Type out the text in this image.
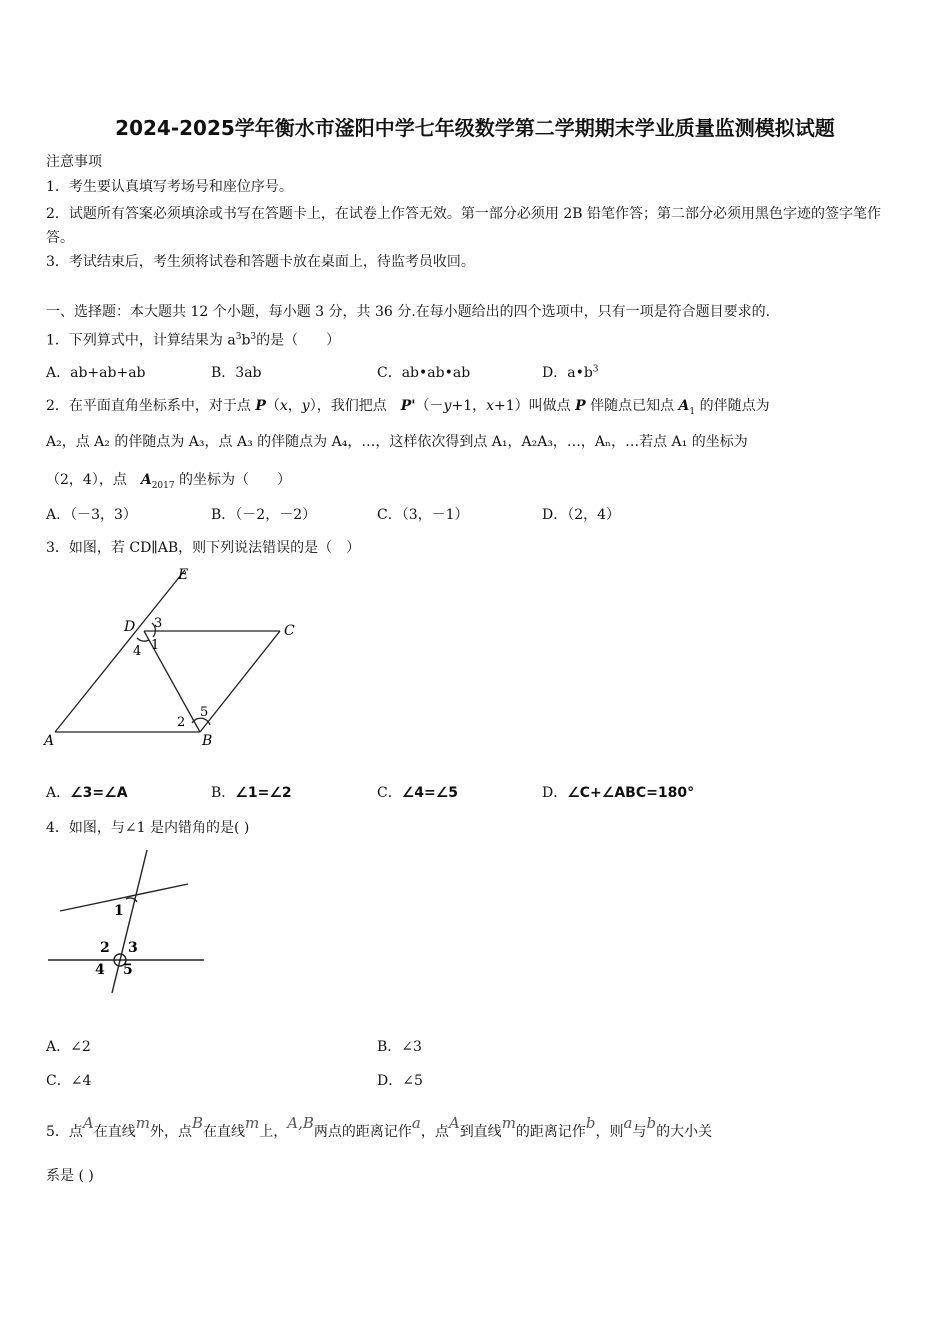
2024-2025学年衡水市滏阳中学七年级数学第二学期期末学业质量监测模拟试题
注意事项
1．考生要认真填写考场号和座位序号。
2．试题所有答案必须填涂或书写在答题卡上，在试卷上作答无效。第一部分必须用 2B 铅笔作答；第二部分必须用黑色字迹的签字笔作答。
3．考试结束后，考生须将试卷和答题卡放在桌面上，待监考员收回。
一、选择题：本大题共 12 个小题，每小题 3 分，共 36 分.在每小题给出的四个选项中，只有一项是符合题目要求的.
1．下列算式中，计算结果为 $a^3b^3$的是（　　）
A．ab+ab+ab	B．3ab	C．ab•ab•ab	D．$a•b^3$
2．在平面直角坐标系中，对于点 P（x，y），我们把点　P'（－y+1，x+1）叫做点 P 伴随点已知点 $A_1$ 的伴随点为
A₂，点 A₂ 的伴随点为 A₃，点 A₃ 的伴随点为 A₄，…，这样依次得到点 A₁，A₂A₃，…，Aₙ，…若点 A₁ 的坐标为
（2，4），点　$A_{2017}$ 的坐标为（　　）
A．（－3，3）	B．（－2，－2）	C．（3，－1）	D．（2，4）
3．如图，若 CD∥AB，则下列说法错误的是（　）
E
D 3	C
4 1
2
5
A	B
A．∠3=∠A	B．∠1=∠2	C．∠4=∠5	D．∠C+∠ABC=180°
4．如图，与∠1 是内错角的是( )
1
2 3
4 5
A．∠2	B．∠3
C．∠4	D．∠5
5．点A在直线m外，点B在直线m上，A,B两点的距离记作a，点A到直线m的距离记作b，则a与b的大小关
系是 ( )
